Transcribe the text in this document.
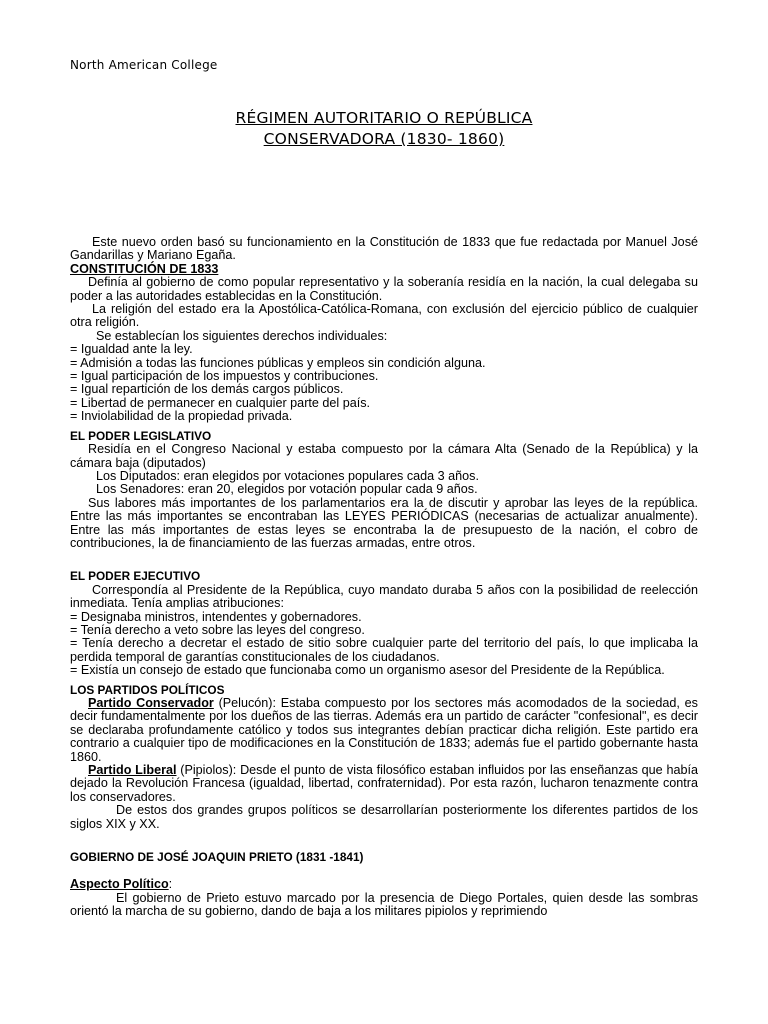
North American College
RÉGIMEN AUTORITARIO O REPÚBLICA
CONSERVADORA (1830- 1860)

Este nuevo orden basó su funcionamiento en la Constitución de 1833 que fue redactada por Manuel José Gandarillas y Mariano Egaña.

CONSTITUCIÓN DE 1833

Definía al gobierno de como popular representativo y la soberanía residía en la nación, la cual delegaba su poder a las autoridades establecidas en la Constitución.

La religión del estado era la Apostólica-Católica-Romana, con exclusión del ejercicio público de cualquier otra religión.

Se establecían los siguientes derechos individuales:

= Igualdad ante la ley.

= Admisión a todas las funciones públicas y empleos sin condición alguna.

= Igual participación de los impuestos y contribuciones.

= Igual repartición de los demás cargos públicos.

= Libertad de permanecer en cualquier parte del país.

= Inviolabilidad de la propiedad privada.

EL PODER LEGISLATIVO

Residía en el Congreso Nacional y estaba compuesto por la cámara Alta (Senado de la República) y la cámara baja (diputados)

Los Diputados: eran elegidos por votaciones populares cada 3 años.

Los Senadores: eran 20, elegidos por votación popular cada 9 años.

Sus labores más importantes de los parlamentarios era la de discutir y aprobar las leyes de la república. Entre las más importantes se encontraban las LEYES PERIÓDICAS (necesarias de actualizar anualmente). Entre las más importantes de estas leyes se encontraba la de presupuesto de la nación, el cobro de contribuciones, la de financiamiento de las fuerzas armadas, entre otros.

EL PODER EJECUTIVO

Correspondía al Presidente de la República, cuyo mandato duraba 5 años con la posibilidad de reelección inmediata. Tenía amplias atribuciones:

= Designaba ministros, intendentes y gobernadores.

= Tenía derecho a veto sobre las leyes del congreso.

= Tenía derecho a decretar el estado de sitio sobre cualquier parte del territorio del país, lo que implicaba la perdida temporal de garantías constitucionales de los ciudadanos.

= Existía un consejo de estado que funcionaba como un organismo asesor del Presidente de la República.

LOS PARTIDOS POLÍTICOS

Partido Conservador (Pelucón): Estaba compuesto por los sectores más acomodados de la sociedad, es decir fundamentalmente por los dueños de las tierras. Además era un partido de carácter "confesional", es decir se declaraba profundamente católico y todos sus integrantes debían practicar dicha religión. Este partido era contrario a cualquier tipo de modificaciones en la Constitución de 1833; además fue el partido gobernante hasta 1860.

Partido Liberal (Pipiolos): Desde el punto de vista filosófico estaban influidos por las enseñanzas que había dejado la Revolución Francesa (igualdad, libertad, confraternidad). Por esta razón, lucharon tenazmente contra los conservadores.

De estos dos grandes grupos políticos se desarrollarían posteriormente los diferentes partidos de los siglos XIX y XX.

GOBIERNO DE JOSÉ JOAQUIN PRIETO (1831 -1841)

Aspecto Político:

El gobierno de Prieto estuvo marcado por la presencia de Diego Portales, quien desde las sombras orientó la marcha de su gobierno, dando de baja a los militares pipiolos y reprimiendo
